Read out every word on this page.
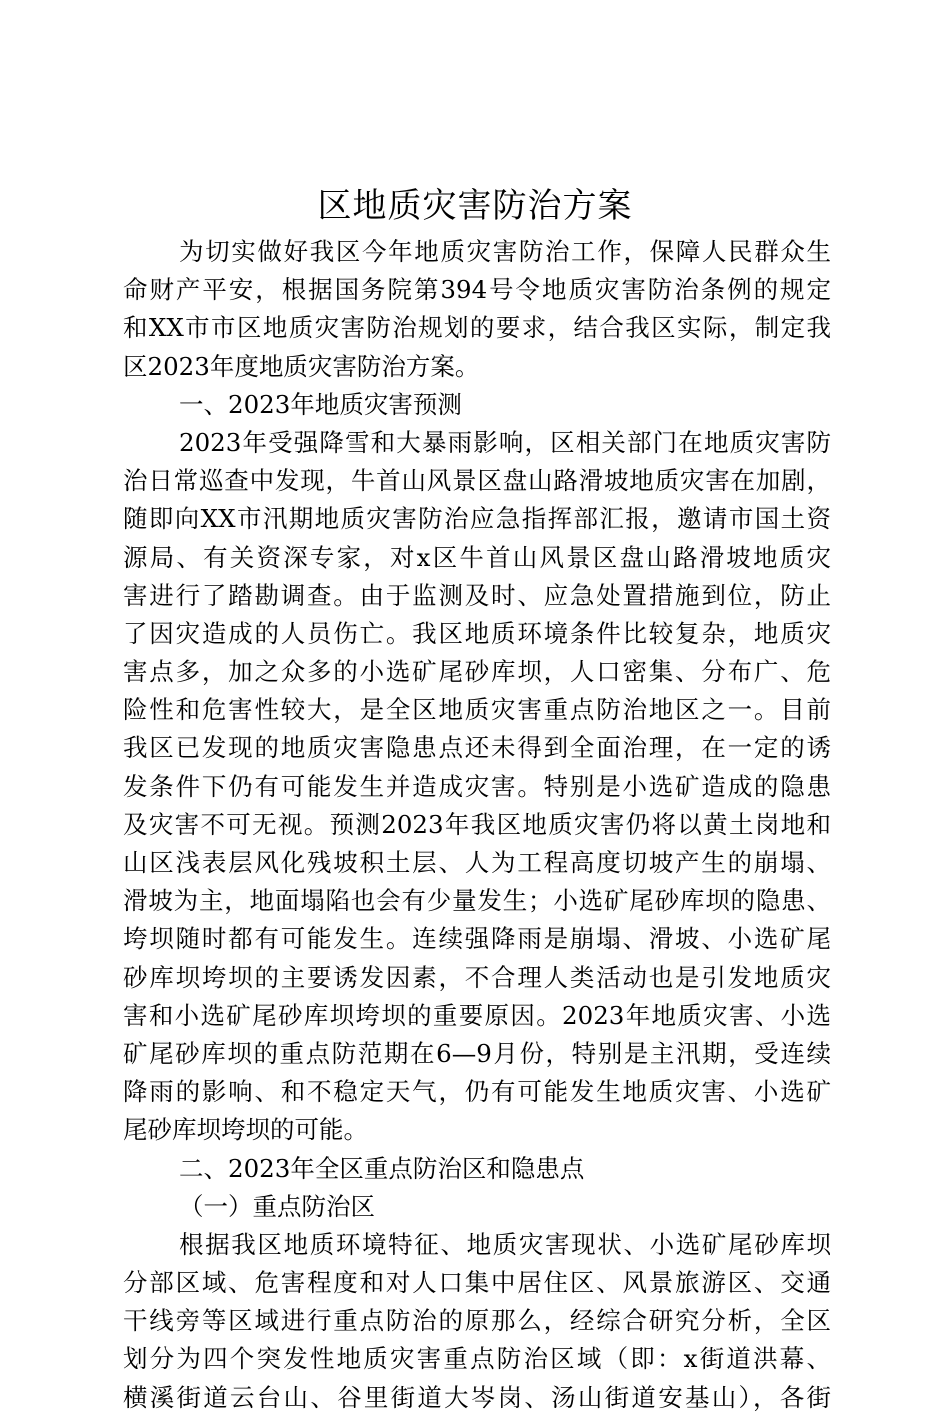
区地质灾害防治方案
为切实做好我区今年地质灾害防治工作，保障人民群众生
命财产平安，根据国务院第394号令地质灾害防治条例的规定
和XX市市区地质灾害防治规划的要求，结合我区实际，制定我
区2023年度地质灾害防治方案。
一、2023年地质灾害预测
2023年受强降雪和大暴雨影响，区相关部门在地质灾害防
治日常巡查中发现，牛首山风景区盘山路滑坡地质灾害在加剧，
随即向XX市汛期地质灾害防治应急指挥部汇报，邀请市国土资
源局、有关资深专家，对x区牛首山风景区盘山路滑坡地质灾
害进行了踏勘调查。由于监测及时、应急处置措施到位，防止
了因灾造成的人员伤亡。我区地质环境条件比较复杂，地质灾
害点多，加之众多的小选矿尾砂库坝，人口密集、分布广、危
险性和危害性较大，是全区地质灾害重点防治地区之一。目前
我区已发现的地质灾害隐患点还未得到全面治理，在一定的诱
发条件下仍有可能发生并造成灾害。特别是小选矿造成的隐患
及灾害不可无视。预测2023年我区地质灾害仍将以黄土岗地和
山区浅表层风化残坡积土层、人为工程高度切坡产生的崩塌、
滑坡为主，地面塌陷也会有少量发生；小选矿尾砂库坝的隐患、
垮坝随时都有可能发生。连续强降雨是崩塌、滑坡、小选矿尾
砂库坝垮坝的主要诱发因素，不合理人类活动也是引发地质灾
害和小选矿尾砂库坝垮坝的重要原因。2023年地质灾害、小选
矿尾砂库坝的重点防范期在6—9月份，特别是主汛期，受连续
降雨的影响、和不稳定天气，仍有可能发生地质灾害、小选矿
尾砂库坝垮坝的可能。
二、2023年全区重点防治区和隐患点
（一）重点防治区
根据我区地质环境特征、地质灾害现状、小选矿尾砂库坝
分部区域、危害程度和对人口集中居住区、风景旅游区、交通
干线旁等区域进行重点防治的原那么，经综合研究分析，全区
划分为四个突发性地质灾害重点防治区域（即：x街道洪幕、
横溪街道云台山、谷里街道大岑岗、汤山街道安基山），各街
